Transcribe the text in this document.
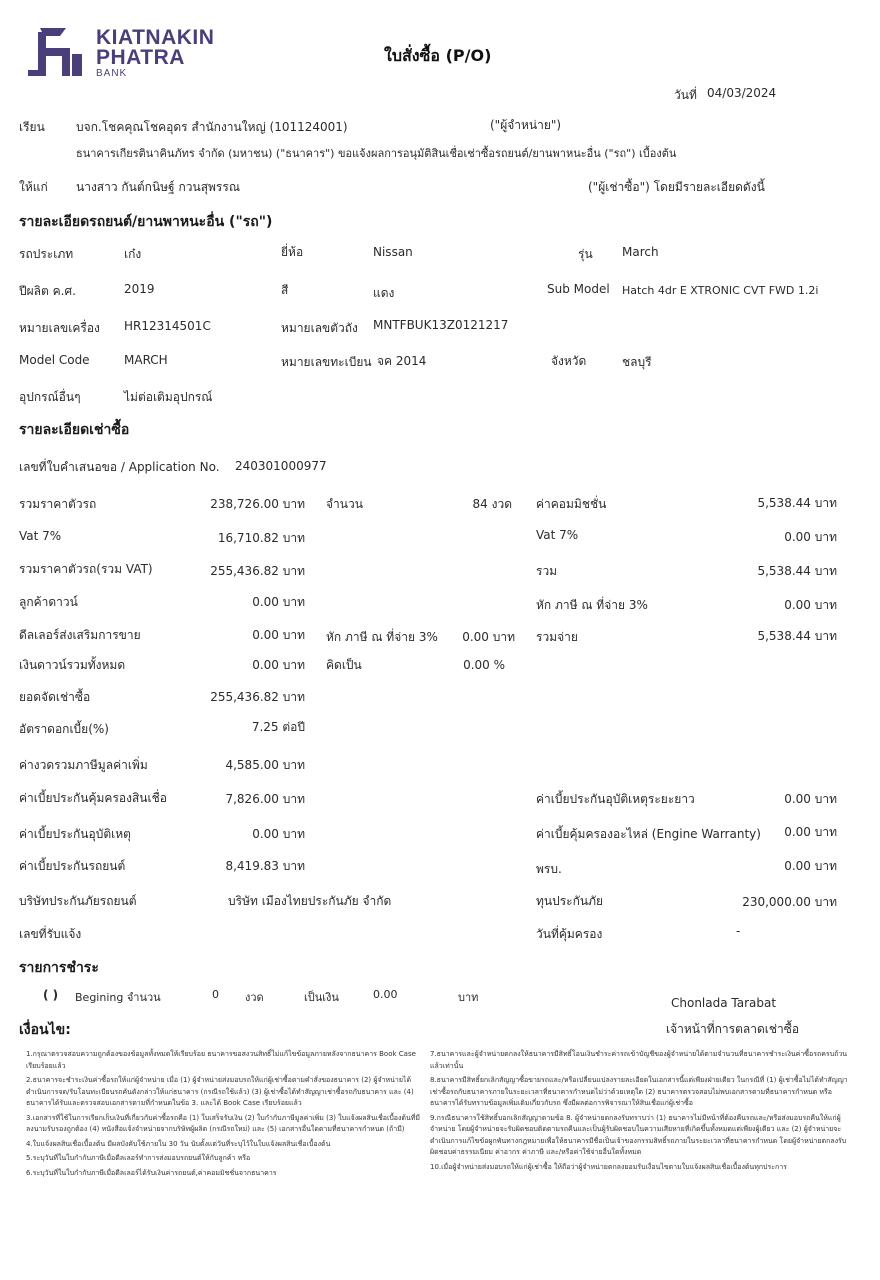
KIATNAKIN
PHATRA
BANK
ใบสั่งซื้อ (P/O)
วันที่ 04/03/2024
เรียน	บจก.โชคคุณโชคอุดร สำนักงานใหญ่ (101124001)	("ผู้จำหน่าย")
ธนาคารเกียรตินาคินภัทร จำกัด (มหาชน) ("ธนาคาร") ขอแจ้งผลการอนุมัติสินเชื่อเช่าซื้อรถยนต์/ยานพาหนะอื่น ("รถ") เบื้องต้น
ให้แก่ นางสาว กันต์กนิษฐ์ กวนสุพรรณ	("ผู้เช่าซื้อ") โดยมีรายละเอียดดังนี้
รายละเอียดรถยนต์/ยานพาหนะอื่น ("รถ")
รถประเภท	เก๋ง	ยี่ห้อ	Nissan	รุ่น March
ปีผลิต ค.ศ.	2019	สี	แดง	Sub Model Hatch 4dr E XTRONIC CVT FWD 1.2i
หมายเลขเครื่อง HR12314501C	หมายเลขตัวถัง MNTFBUK13Z0121217
Model Code	MARCH	หมายเลขทะเบียน จค 2014	จังหวัด	ชลบุรี
อุปกรณ์อื่นๆ	ไม่ต่อเติมอุปกรณ์
รายละเอียดเช่าซื้อ
เลขที่ใบคำเสนอขอ / Application No. 240301000977
รวมราคาตัวรถ	238,726.00 บาท จำนวน	84 งวด ค่าคอมมิชชั่น	5,538.44 บาท
Vat 7%	16,710.82 บาท	Vat 7%	0.00 บาท
รวมราคาตัวรถ(รวม VAT)	255,436.82 บาท	รวม	5,538.44 บาท
ลูกค้าดาวน์	0.00 บาท	หัก ภาษี ณ ที่จ่าย 3%	0.00 บาท
ดีลเลอร์ส่งเสริมการขาย	0.00 บาท หัก ภาษี ณ ที่จ่าย 3%	0.00 บาท รวมจ่าย	5,538.44 บาท
เงินดาวน์รวมทั้งหมด	0.00 บาท คิดเป็น	0.00 %
ยอดจัดเช่าซื้อ	255,436.82 บาท
อัตราดอกเบี้ย(%)	7.25 ต่อปี
ค่างวดรวมภาษีมูลค่าเพิ่ม	4,585.00 บาท
ค่าเบี้ยประกันคุ้มครองสินเชื่อ	7,826.00 บาท	ค่าเบี้ยประกันอุบัติเหตุระยะยาว	0.00 บาท
ค่าเบี้ยประกันอุบัติเหตุ	0.00 บาท	ค่าเบี้ยคุ้มครองอะไหล่ (Engine Warranty)	0.00 บาท
ค่าเบี้ยประกันรถยนต์	8,419.83 บาท	พรบ.	0.00 บาท
บริษัทประกันภัยรถยนต์	บริษัท เมืองไทยประกันภัย จำกัด	ทุนประกันภัย	230,000.00 บาท
เลขที่รับแจ้ง	วันที่คุ้มครอง	-
รายการชำระ
( ) Begining จำนวน	0 งวด	เป็นเงิน	0.00	บาท	Chonlada Tarabat
เจ้าหน้าที่การตลาดเช่าซื้อ
เงื่อนไข:

1.กรุณาตรวจสอบความถูกต้องของข้อมูลทั้งหมดให้เรียบร้อย ธนาคารขอสงวนสิทธิ์ไม่แก้ไขข้อมูลภายหลังจากธนาคาร Book Case เรียบร้อยแล้ว

2.ธนาคารจะชำระเงินค่าซื้อรถให้แก่ผู้จำหน่าย เมื่อ (1) ผู้จำหน่ายส่งมอบรถให้แก่ผู้เช่าซื้อตามคำสั่งของธนาคาร (2) ผู้จำหน่ายได้ดำเนินการจด/รับโอนทะเบียนรถคันดังกล่าวให้แก่ธนาคาร (กรณีรถใช้แล้ว) (3) ผู้เช่าซื้อได้ทำสัญญาเช่าซื้อรถกับธนาคาร และ (4) ธนาคารได้รับและตรวจสอบเอกสารตามที่กำหนดในข้อ 3. และได้ Book Case เรียบร้อยแล้ว

3.เอกสารที่ใช้ในการเรียกเก็บเงินที่เกี่ยวกับค่าซื้อรถคือ (1) ใบเสร็จรับเงิน (2) ใบกำกับภาษีมูลค่าเพิ่ม (3) ใบแจ้งผลสินเชื่อเบื้องต้นที่มีลงนามรับรองถูกต้อง (4) หนังสือแจ้งจำหน่ายจากบริษัทผู้ผลิต (กรณีรถใหม่) และ (5) เอกสารอื่นใดตามที่ธนาคารกำหนด (ถ้ามี)

4.ใบแจ้งผลสินเชื่อเบื้องต้น มีผลบังคับใช้ภายใน 30 วัน นับตั้งแต่วันที่ระบุไว้ในใบแจ้งผลสินเชื่อเบื้องต้น

5.ระบุวันที่ในใบกำกับภาษีเมื่อดีลเลอร์ทำการส่งมอบรถยนต์ให้กับลูกค้า หรือ

6.ระบุวันที่ในใบกำกับภาษีเมื่อดีลเลอร์ได้รับเงินค่ารถยนต์,ค่าคอมมิชชั่นจากธนาคาร

7.ธนาคารและผู้จำหน่ายตกลงให้ธนาคารมีสิทธิ์โอนเงินชำระค่ารถเข้าบัญชีของผู้จำหน่ายได้ตามจำนวนที่ธนาคารชำระเงินค่าซื้อรถครบถ้วนแล้วเท่านั้น

8.ธนาคารมีสิทธิ์ยกเลิกสัญญาซื้อขายรถและ/หรือเปลี่ยนแปลงรายละเอียดในเอกสารนี้แต่เพียงฝ่ายเดียว ในกรณีที่ (1) ผู้เช่าซื้อไม่ได้ทำสัญญาเช่าซื้อรถกับธนาคารภายในระยะเวลาที่ธนาคารกำหนดไม่ว่าด้วยเหตุใด (2) ธนาคารตรวจสอบไม่พบเอกสารตามที่ธนาคารกำหนด หรือธนาคารได้รับทราบข้อมูลเพิ่มเติมเกี่ยวกับรถ ซึ่งมีผลต่อการพิจารณาให้สินเชื่อแก่ผู้เช่าซื้อ

9.กรณีธนาคารใช้สิทธิ์บอกเลิกสัญญาตามข้อ 8. ผู้จำหน่ายตกลงรับทราบว่า (1) ธนาคารไม่มีหน้าที่ต้องคืนรถและ/หรือส่งมอบรถคืนให้แก่ผู้จำหน่าย โดยผู้จำหน่ายจะรับผิดชอบติดตามรถคืนและเป็นผู้รับผิดชอบในความเสียหายที่เกิดขึ้นทั้งหมดแต่เพียงผู้เดียว และ (2) ผู้จำหน่ายจะดำเนินการแก้ไขข้อผูกพันทางกฎหมายเพื่อให้ธนาคารมีชื่อเป็นเจ้าของกรรมสิทธิ์รถภายในระยะเวลาที่ธนาคารกำหนด โดยผู้จำหน่ายตกลงรับผิดชอบค่าธรรมเนียม ค่าอากร ค่าภาษี และ/หรือค่าใช้จ่ายอื่นใดทั้งหมด

10.เมื่อผู้จำหน่ายส่งมอบรถให้แก่ผู้เช่าซื้อ ให้ถือว่าผู้จำหน่ายตกลงยอมรับเงื่อนไขตามใบแจ้งผลสินเชื่อเบื้องต้นทุกประการ
